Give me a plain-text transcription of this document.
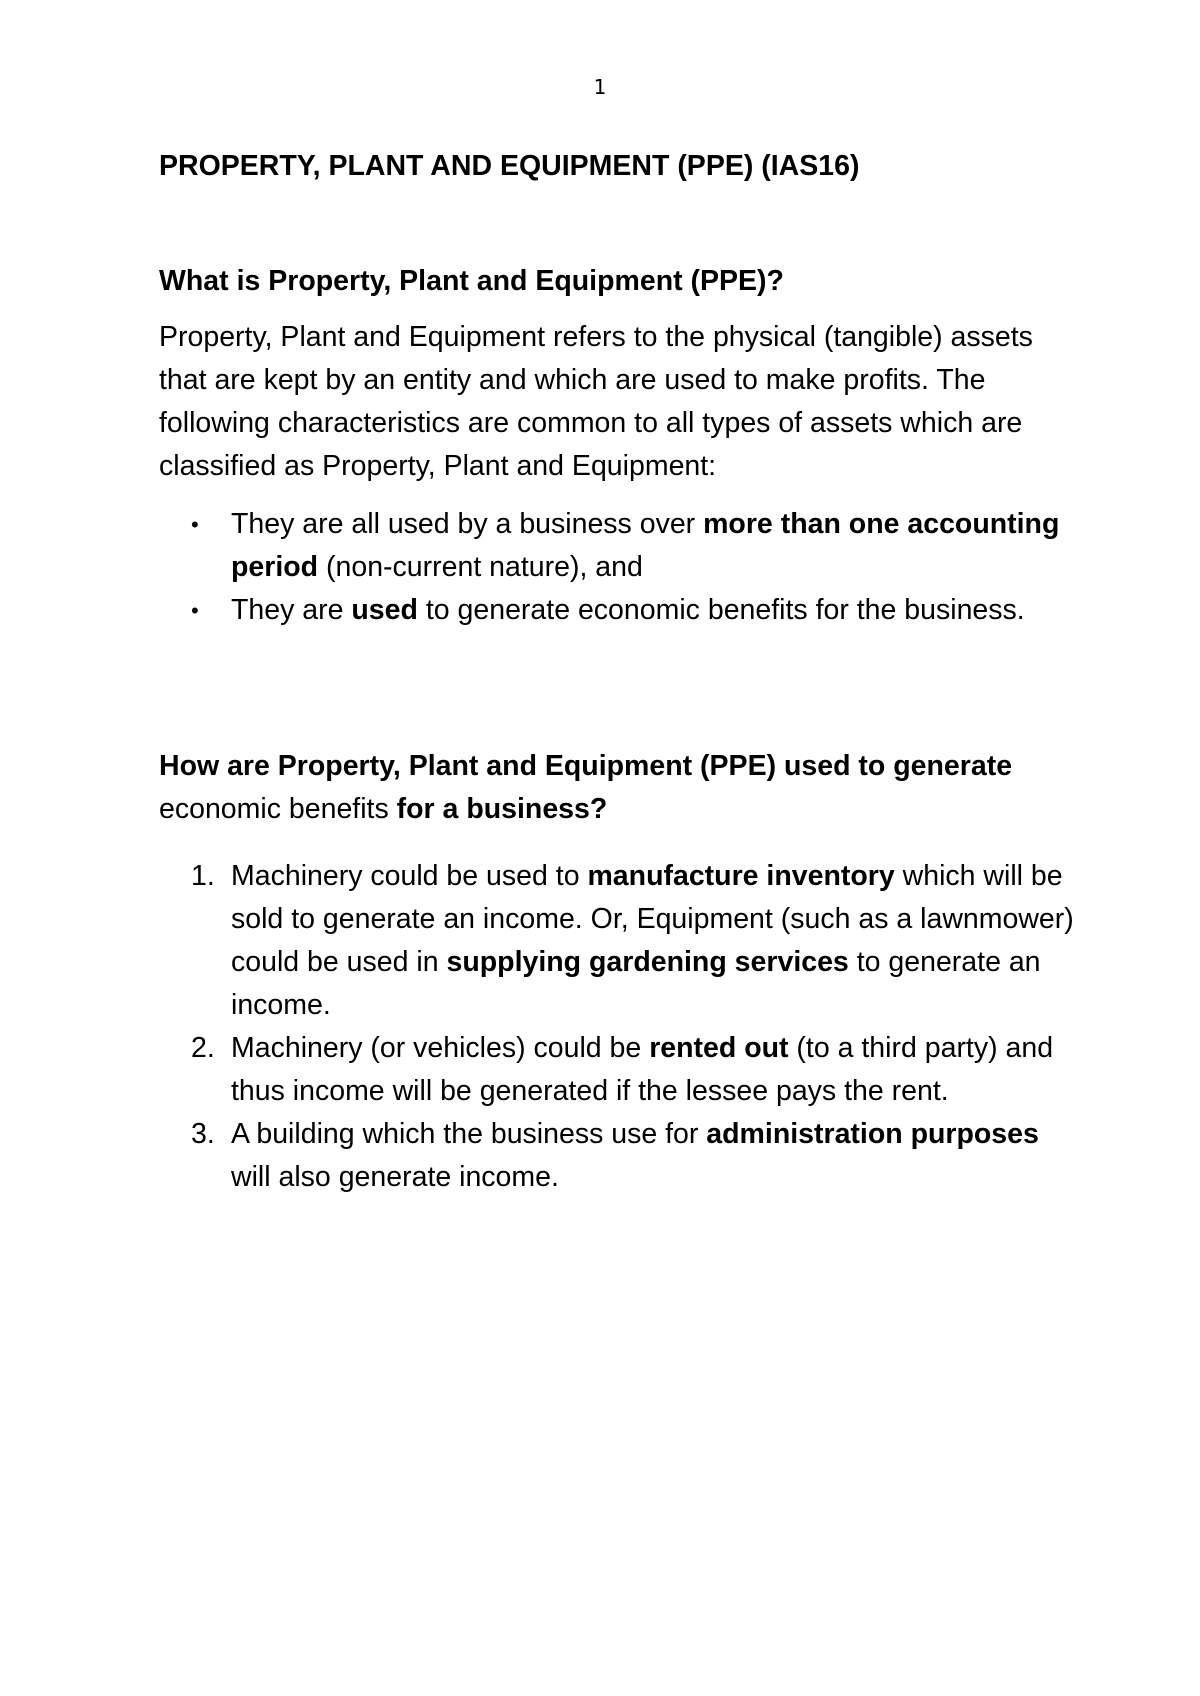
1
PROPERTY, PLANT AND EQUIPMENT (PPE) (IAS16)
What is Property, Plant and Equipment (PPE)?

Property, Plant and Equipment refers to the physical (tangible) assets that are kept by an entity and which are used to make profits. The following characteristics are common to all types of assets which are classified as Property, Plant and Equipment:

• They are all used by a business over more than one accounting period (non-current nature), and
• They are used to generate economic benefits for the business.
How are Property, Plant and Equipment (PPE) used to generate economic benefits for a business?
1. Machinery could be used to manufacture inventory which will be sold to generate an income. Or, Equipment (such as a lawnmower) could be used in supplying gardening services to generate an income.
2. Machinery (or vehicles) could be rented out (to a third party) and thus income will be generated if the lessee pays the rent.
3. A building which the business use for administration purposes will also generate income.
